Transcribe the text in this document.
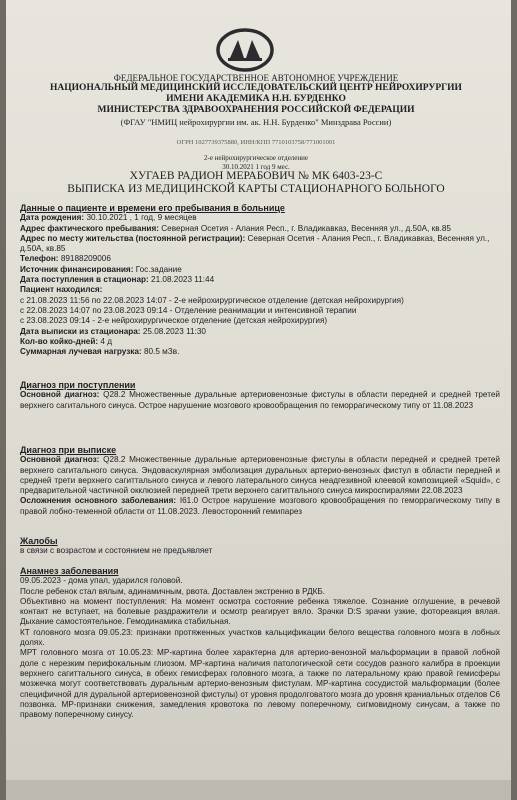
ФЕДЕРАЛЬНОЕ ГОСУДАРСТВЕННОЕ АВТОНОМНОЕ УЧРЕЖДЕНИЕ
НАЦИОНАЛЬНЫЙ МЕДИЦИНСКИЙ ИССЛЕДОВАТЕЛЬСКИЙ ЦЕНТР НЕЙРОХИРУРГИИ
ИМЕНИ АКАДЕМИКА Н.Н. БУРДЕНКО
МИНИСТЕРСТВА ЗДРАВООХРАНЕНИЯ РОССИЙСКОЙ ФЕДЕРАЦИИ
(ФГАУ "НМИЦ нейрохирургии им. ак. Н.Н. Бурденко" Минздрава России)
ОГРН 1027739375880, ИНН/КПП 7710103758/771001001
2-е нейрохирургическое отделение
30.10.2021 1 год 9 мес.
ХУГАЕВ РАДИОН МЕРАБОВИЧ № МК 6403-23-С
ВЫПИСКА ИЗ МЕДИЦИНСКОЙ КАРТЫ СТАЦИОНАРНОГО БОЛЬНОГО

Данные о пациенте и времени его пребывания в больнице

Дата рождения: 30.10.2021 , 1 год, 9 месяцев

Адрес фактического пребывания: Северная Осетия - Алания Респ., г. Владикавказ, Весенняя ул., д.50А, кв.85

Адрес по месту жительства (постоянной регистрации): Северная Осетия - Алания Респ., г. Владикавказ, Весенняя ул., д.50А, кв.85

Телефон: 89188209006

Источник финансирования: Гос.задание

Дата поступления в стационар: 21.08.2023 11:44

Пациент находился:

с 21.08.2023 11:56 по 22.08.2023 14:07 - 2-е нейрохирургическое отделение (детская нейрохирургия)

с 22.08.2023 14:07 по 23.08.2023 09:14 - Отделение реанимации и интенсивной терапии

с 23.08.2023 09:14 - 2-е нейрохирургическое отделение (детская нейрохирургия)

Дата выписки из стационара: 25.08.2023 11:30

Кол-во койко-дней: 4 д

Суммарная лучевая нагрузка: 80.5 мЗв.

Диагноз при поступлении

Основной диагноз: Q28.2 Множественные дуральные артериовенозные фистулы в области передней и средней третей верхнего сагитального синуса. Острое нарушение мозгового кровообращения по геморрагическому типу от 11.08.2023

Диагноз при выписке

Основной диагноз: Q28.2 Множественные дуральные артериовенозные фистулы в области передней и средней третей верхнего сагитального синуса. Эндоваскулярная эмболизация дуральных артерио-венозных фистул в области передней и средней трети верхнего сагиттального синуса и левого латерального синуса неадгезивной клеевой композицией «Squid», с предварительной частичной окклюзией передней трети верхнего сагиттального синуса микроспиралями 22.08.2023

Осложнения основного заболевания: I61.0 Острое нарушение мозгового кровообращения по геморрагическому типу в правой лобно-теменной области от 11.08.2023. Левосторонний гемипарез

Жалобы

в связи с возрастом и состоянием не предъявляет

Анамнез заболевания

09.05.2023 - дома упал, ударился головой.

После ребенок стал вялым, адинамичным, рвота. Доставлен экстренно в РДКБ.

Объективно на момент поступления: На момент осмотра состояние ребенка тяжелое. Сознание оглушение, в речевой контакт не вступает, на болевые раздражители и осмотр реагирует вяло. Зрачки D:S зрачки узкие, фотореакция вялая. Дыхание самостоятельное. Гемодинамика стабильная.

КТ головного мозга 09.05.23: признаки протяженных участков кальцификации белого вещества головного мозга в лобных долях.

МРТ головного мозга от 10.05.23: МР-картина более характерна для артерио-венозной мальформации в правой лобной доле с нерезким перифокальным глиозом. МР-картина наличия патологической сети сосудов разного калибра в проекции верхнего сагиттального синуса, в обеих гемисферах головного мозга, а также по латеральному краю правой гемисферы мозжечка могут соответствовать дуральным артерио-венозным фистулам. МР-картина сосудистой мальформации (более специфичной для дуральной артериовенозной фистулы) от уровня продолговатого мозга до уровня краниальных отделов С6 позвонка. МР-признаки снижения, замедления кровотока по левому поперечному, сигмовидному синусам, а также по правому поперечному синусу.
